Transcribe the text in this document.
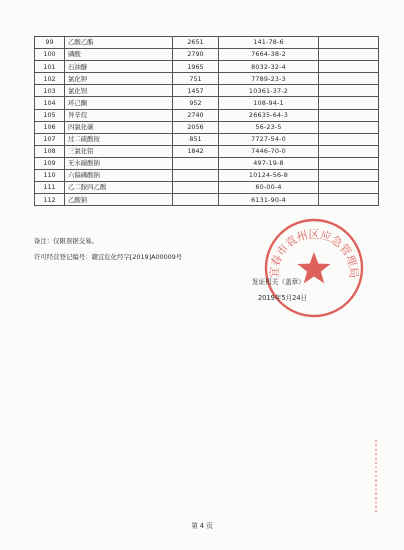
99	乙酸乙酯	2651	141-78-6	
100	磷酸	2790	7664-38-2	
101	石油醚	1965	8032-32-4	
102	氯化钾	751	7789-23-3	
103	氯化钡	1457	10361-37-2	
104	环己酮	952	108-94-1	
105	异辛烷	2740	26635-64-3	
106	四氯化碳	2056	56-23-5	
107	过二硫酸铵	851	7727-54-0	
108	三氯化铝	1842	7446-70-0	
109	无水碳酸钠		497-19-8	
110	六偏磷酸钠		10124-56-8	
111	乙二胺四乙酸		60-00-4	
112	乙酸钠		6131-90-4	
备注：仅限票据交易。
许可经营登记编号：赣宜危化经字[2019]A00009号
宜春市袁州区应急管理局
发证机关（盖章）
2019年5月24日
第 4 页
